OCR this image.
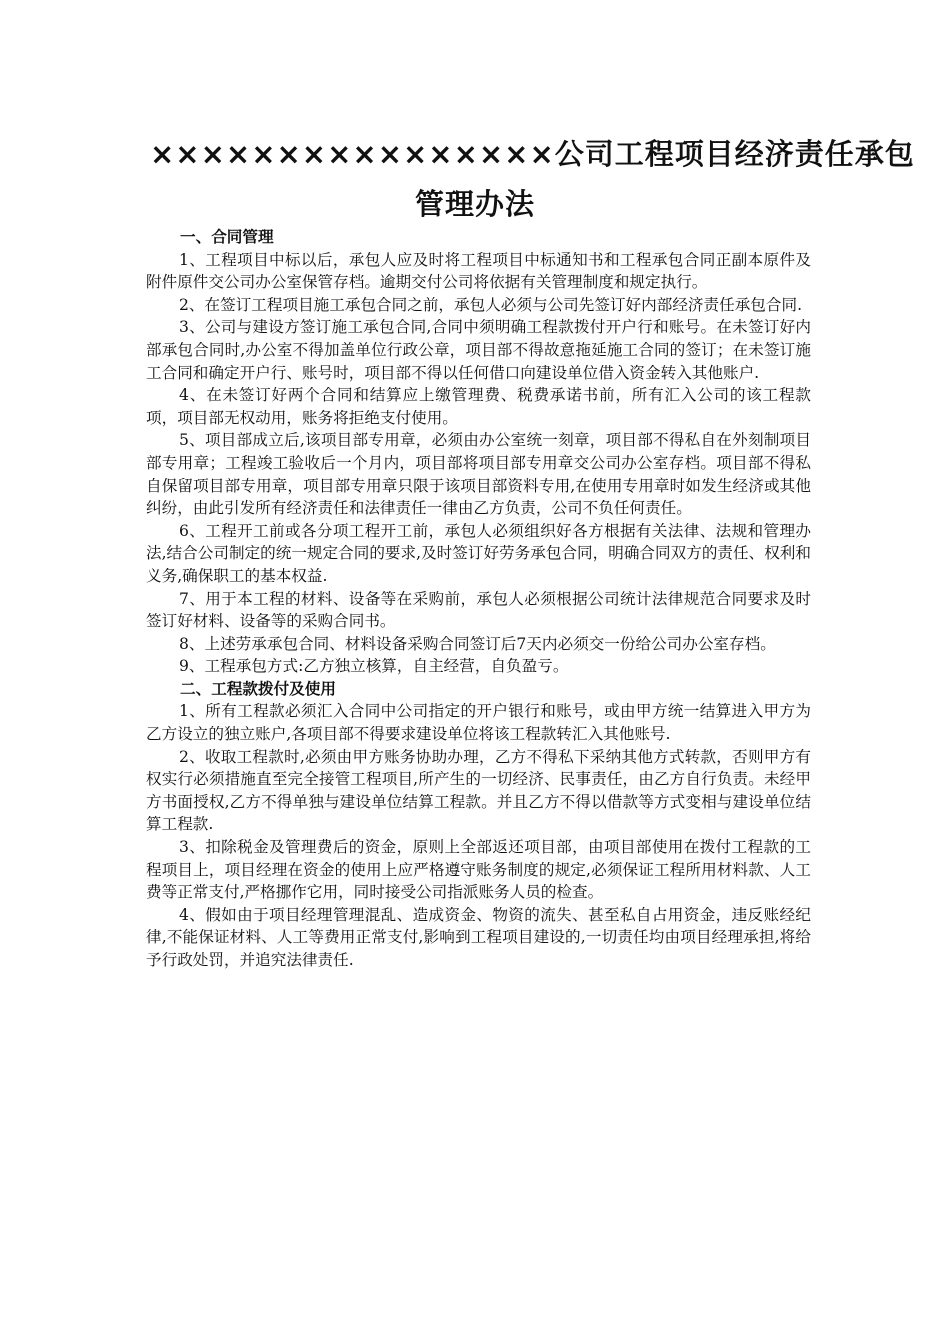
××××××××××××××××公司工程项目经济责任承包
管理办法

一、合同管理

1、工程项目中标以后，承包人应及时将工程项目中标通知书和工程承包合同正副本原件及附件原件交公司办公室保管存档。逾期交付公司将依据有关管理制度和规定执行。

2、在签订工程项目施工承包合同之前，承包人必须与公司先签订好内部经济责任承包合同.

3、公司与建设方签订施工承包合同,合同中须明确工程款拨付开户行和账号。在未签订好内部承包合同时,办公室不得加盖单位行政公章，项目部不得故意拖延施工合同的签订；在未签订施工合同和确定开户行、账号时，项目部不得以任何借口向建设单位借入资金转入其他账户.

4、在未签订好两个合同和结算应上缴管理费、税费承诺书前，所有汇入公司的该工程款项，项目部无权动用，账务将拒绝支付使用。

5、项目部成立后,该项目部专用章，必须由办公室统一刻章，项目部不得私自在外刻制项目部专用章；工程竣工验收后一个月内，项目部将项目部专用章交公司办公室存档。项目部不得私自保留项目部专用章，项目部专用章只限于该项目部资料专用,在使用专用章时如发生经济或其他纠纷，由此引发所有经济责任和法律责任一律由乙方负责，公司不负任何责任。

6、工程开工前或各分项工程开工前，承包人必须组织好各方根据有关法律、法规和管理办法,结合公司制定的统一规定合同的要求,及时签订好劳务承包合同，明确合同双方的责任、权利和义务,确保职工的基本权益.

7、用于本工程的材料、设备等在采购前，承包人必须根据公司统计法律规范合同要求及时签订好材料、设备等的采购合同书。

8、上述劳承承包合同、材料设备采购合同签订后7天内必须交一份给公司办公室存档。

9、工程承包方式:乙方独立核算，自主经营，自负盈亏。

二、工程款拨付及使用

1、所有工程款必须汇入合同中公司指定的开户银行和账号，或由甲方统一结算进入甲方为乙方设立的独立账户,各项目部不得要求建设单位将该工程款转汇入其他账号.

2、收取工程款时,必须由甲方账务协助办理，乙方不得私下采纳其他方式转款，否则甲方有权实行必须措施直至完全接管工程项目,所产生的一切经济、民事责任，由乙方自行负责。未经甲方书面授权,乙方不得单独与建设单位结算工程款。并且乙方不得以借款等方式变相与建设单位结算工程款.

3、扣除税金及管理费后的资金，原则上全部返还项目部，由项目部使用在拨付工程款的工程项目上，项目经理在资金的使用上应严格遵守账务制度的规定,必须保证工程所用材料款、人工费等正常支付,严格挪作它用，同时接受公司指派账务人员的检查。

4、假如由于项目经理管理混乱、造成资金、物资的流失、甚至私自占用资金，违反账经纪律,不能保证材料、人工等费用正常支付,影响到工程项目建设的,一切责任均由项目经理承担,将给予行政处罚，并追究法律责任.
